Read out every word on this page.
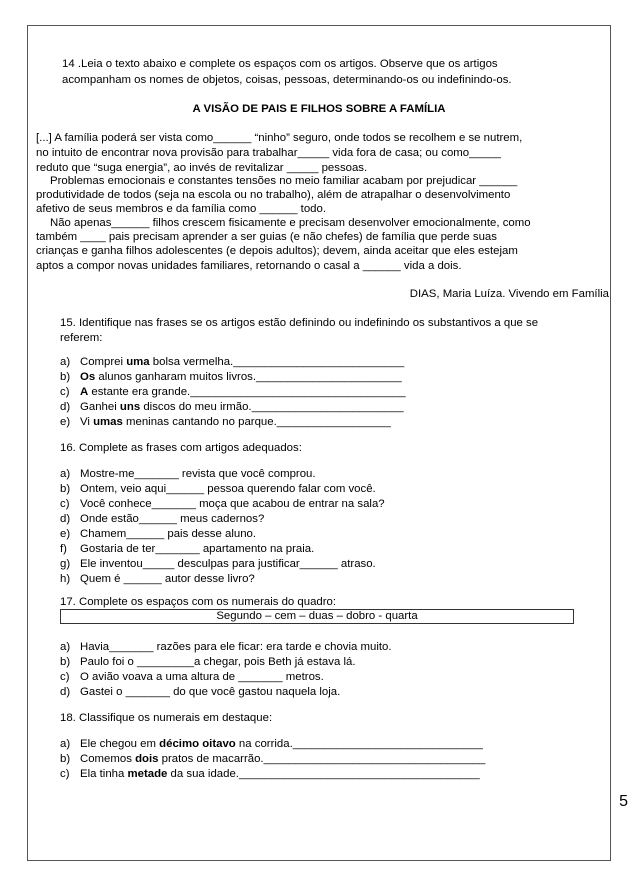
14 .Leia o texto abaixo e complete os espaços com os artigos. Observe que os artigos
acompanham os nomes de objetos, coisas, pessoas, determinando-os ou indefinindo-os.
A VISÃO DE PAIS E FILHOS SOBRE A FAMÍLIA
[...] A família poderá ser vista como______ “ninho” seguro, onde todos se recolhem e se nutrem,
no intuito de encontrar nova provisão para trabalhar_____ vida fora de casa; ou como_____
reduto que “suga energia”, ao invés de revitalizar _____ pessoas.
Problemas emocionais e constantes tensões no meio familiar acabam por prejudicar ______
produtividade de todos (seja na escola ou no trabalho), além de atrapalhar o desenvolvimento
afetivo de seus membros e da família como ______ todo.
Não apenas______ filhos crescem fisicamente e precisam desenvolver emocionalmente, como
também ____ pais precisam aprender a ser guias (e não chefes) de família que perde suas
crianças e ganha filhos adolescentes (e depois adultos); devem, ainda aceitar que eles estejam
aptos a compor novas unidades familiares, retornando o casal a ______ vida a dois.
DIAS, Maria Luíza. Vivendo em Família
15. Identifique nas frases se os artigos estão definindo ou indefinindo os substantivos a que se
referem:
a) Comprei uma bolsa vermelha.___________________________
b) Os alunos ganharam muitos livros._______________________
c) A estante era grande.__________________________________
d) Ganhei uns discos do meu irmão.________________________
e) Vi umas meninas cantando no parque.__________________
16. Complete as frases com artigos adequados:
a) Mostre-me_______ revista que você comprou.
b) Ontem, veio aqui______ pessoa querendo falar com você.
c) Você conhece_______ moça que acabou de entrar na sala?
d) Onde estão______ meus cadernos?
e) Chamem______ pais desse aluno.
f) Gostaria de ter_______ apartamento na praia.
g) Ele inventou_____ desculpas para justificar______ atraso.
h) Quem é ______ autor desse livro?
17. Complete os espaços com os numerais do quadro:
Segundo – cem – duas – dobro - quarta
a) Havia_______ razões para ele ficar: era tarde e chovia muito.
b) Paulo foi o _________a chegar, pois Beth já estava lá.
c) O avião voava a uma altura de _______ metros.
d) Gastei o _______ do que você gastou naquela loja.
18. Classifique os numerais em destaque:
a) Ele chegou em décimo oitavo na corrida.______________________________
b) Comemos dois pratos de macarrão.___________________________________
c) Ela tinha metade da sua idade.______________________________________
5
